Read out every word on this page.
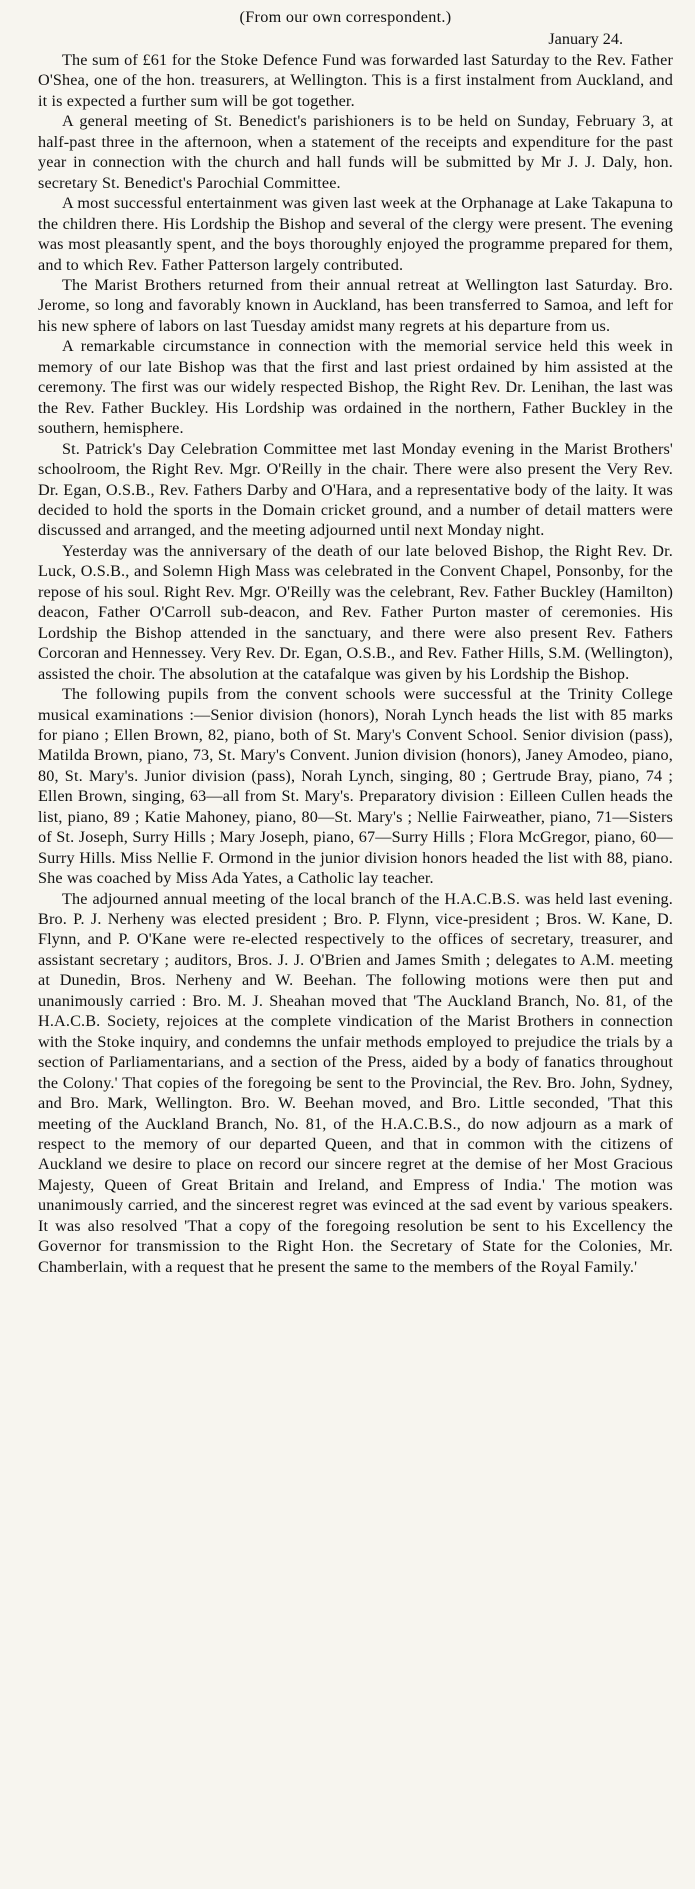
(From our own correspondent.)
January 24.

The sum of £61 for the Stoke Defence Fund was forwarded last Saturday to the Rev. Father O'Shea, one of the hon. treasurers, at Wellington. This is a first instalment from Auckland, and it is expected a further sum will be got together.

A general meeting of St. Benedict's parishioners is to be held on Sunday, February 3, at half-past three in the afternoon, when a statement of the receipts and expenditure for the past year in connection with the church and hall funds will be submitted by Mr J. J. Daly, hon. secretary St. Benedict's Parochial Committee.

A most successful entertainment was given last week at the Orphanage at Lake Takapuna to the children there. His Lordship the Bishop and several of the clergy were present. The evening was most pleasantly spent, and the boys thoroughly enjoyed the programme prepared for them, and to which Rev. Father Patterson largely contributed.

The Marist Brothers returned from their annual retreat at Wellington last Saturday. Bro. Jerome, so long and favorably known in Auckland, has been transferred to Samoa, and left for his new sphere of labors on last Tuesday amidst many regrets at his departure from us.

A remarkable circumstance in connection with the memorial service held this week in memory of our late Bishop was that the first and last priest ordained by him assisted at the ceremony. The first was our widely respected Bishop, the Right Rev. Dr. Lenihan, the last was the Rev. Father Buckley. His Lordship was ordained in the northern, Father Buckley in the southern, hemisphere.

St. Patrick's Day Celebration Committee met last Monday evening in the Marist Brothers' schoolroom, the Right Rev. Mgr. O'Reilly in the chair. There were also present the Very Rev. Dr. Egan, O.S.B., Rev. Fathers Darby and O'Hara, and a representative body of the laity. It was decided to hold the sports in the Domain cricket ground, and a number of detail matters were discussed and arranged, and the meeting adjourned until next Monday night.

Yesterday was the anniversary of the death of our late beloved Bishop, the Right Rev. Dr. Luck, O.S.B., and Solemn High Mass was celebrated in the Convent Chapel, Ponsonby, for the repose of his soul. Right Rev. Mgr. O'Reilly was the celebrant, Rev. Father Buckley (Hamilton) deacon, Father O'Carroll sub-deacon, and Rev. Father Purton master of ceremonies. His Lordship the Bishop attended in the sanctuary, and there were also present Rev. Fathers Corcoran and Hennessey. Very Rev. Dr. Egan, O.S.B., and Rev. Father Hills, S.M. (Wellington), assisted the choir. The absolution at the catafalque was given by his Lordship the Bishop.

The following pupils from the convent schools were successful at the Trinity College musical examinations :—Senior division (honors), Norah Lynch heads the list with 85 marks for piano ; Ellen Brown, 82, piano, both of St. Mary's Convent School. Senior division (pass), Matilda Brown, piano, 73, St. Mary's Convent. Junion division (honors), Janey Amodeo, piano, 80, St. Mary's. Junior division (pass), Norah Lynch, singing, 80 ; Gertrude Bray, piano, 74 ; Ellen Brown, singing, 63—all from St. Mary's. Preparatory division : Eilleen Cullen heads the list, piano, 89 ; Katie Mahoney, piano, 80—St. Mary's ; Nellie Fairweather, piano, 71—Sisters of St. Joseph, Surry Hills ; Mary Joseph, piano, 67—Surry Hills ; Flora McGregor, piano, 60—Surry Hills. Miss Nellie F. Ormond in the junior division honors headed the list with 88, piano. She was coached by Miss Ada Yates, a Catholic lay teacher.

The adjourned annual meeting of the local branch of the H.A.C.B.S. was held last evening. Bro. P. J. Nerheny was elected president ; Bro. P. Flynn, vice-president ; Bros. W. Kane, D. Flynn, and P. O'Kane were re-elected respectively to the offices of secretary, treasurer, and assistant secretary ; auditors, Bros. J. J. O'Brien and James Smith ; delegates to A.M. meeting at Dunedin, Bros. Nerheny and W. Beehan. The following motions were then put and unanimously carried : Bro. M. J. Sheahan moved that 'The Auckland Branch, No. 81, of the H.A.C.B. Society, rejoices at the complete vindication of the Marist Brothers in connection with the Stoke inquiry, and condemns the unfair methods employed to prejudice the trials by a section of Parliamentarians, and a section of the Press, aided by a body of fanatics throughout the Colony.' That copies of the foregoing be sent to the Provincial, the Rev. Bro. John, Sydney, and Bro. Mark, Wellington. Bro. W. Beehan moved, and Bro. Little seconded, 'That this meeting of the Auckland Branch, No. 81, of the H.A.C.B.S., do now adjourn as a mark of respect to the memory of our departed Queen, and that in common with the citizens of Auckland we desire to place on record our sincere regret at the demise of her Most Gracious Majesty, Queen of Great Britain and Ireland, and Empress of India.' The motion was unanimously carried, and the sincerest regret was evinced at the sad event by various speakers. It was also resolved 'That a copy of the foregoing resolution be sent to his Excellency the Governor for transmission to the Right Hon. the Secretary of State for the Colonies, Mr. Chamberlain, with a request that he present the same to the members of the Royal Family.'
